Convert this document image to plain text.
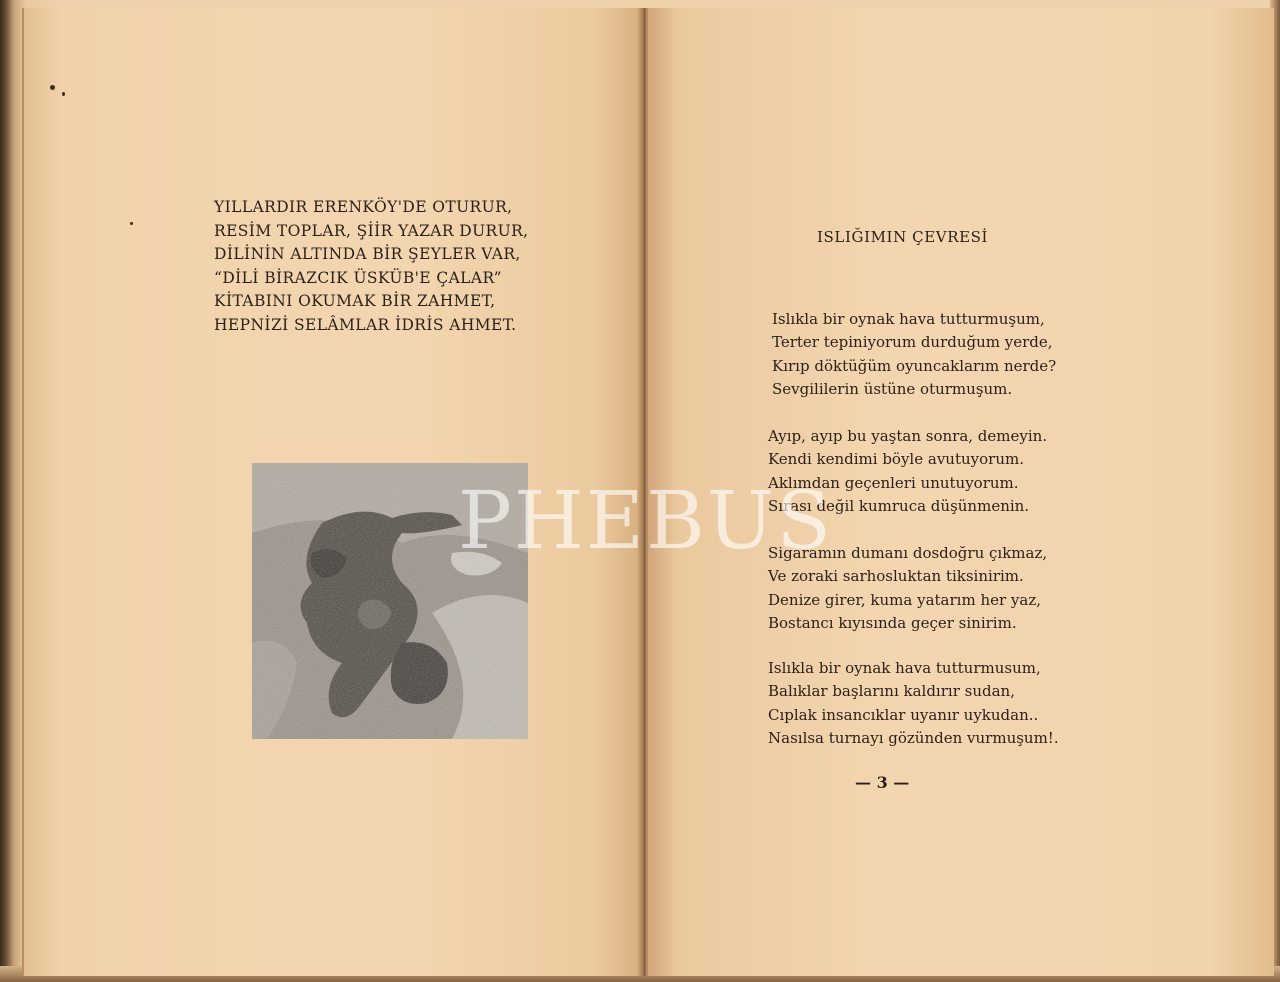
YILLARDIR ERENKÖY'DE OTURUR,
RESİM TOPLAR, ŞİİR YAZAR DURUR,
DİLİNİN ALTINDA BİR ŞEYLER VAR,
“DİLİ BİRAZCIK ÜSKÜB'E ÇALAR”
KİTABINI OKUMAK BİR ZAHMET,
HEPNİZİ SELÂMLAR İDRİS AHMET.
ISLIĞIMIN ÇEVRESİ
Islıkla bir oynak hava tutturmuşum,
Terter tepiniyorum durduğum yerde,
Kırıp döktüğüm oyuncaklarım nerde?
Sevgililerin üstüne oturmuşum.
Ayıp, ayıp bu yaştan sonra, demeyin.
Kendi kendimi böyle avutuyorum.
Aklımdan geçenleri unutuyorum.
Sırası değil kumruca düşünmenin.
Sigaramın dumanı dosdoğru çıkmaz,
Ve zoraki sarhosluktan tiksinirim.
Denize girer, kuma yatarım her yaz,
Bostancı kıyısında geçer sinirim.
Islıkla bir oynak hava tutturmusum,
Balıklar başlarını kaldırır sudan,
Cıplak insancıklar uyanır uykudan..
Nasılsa turnayı gözünden vurmuşum!.
— 3 —
PHEBUS
